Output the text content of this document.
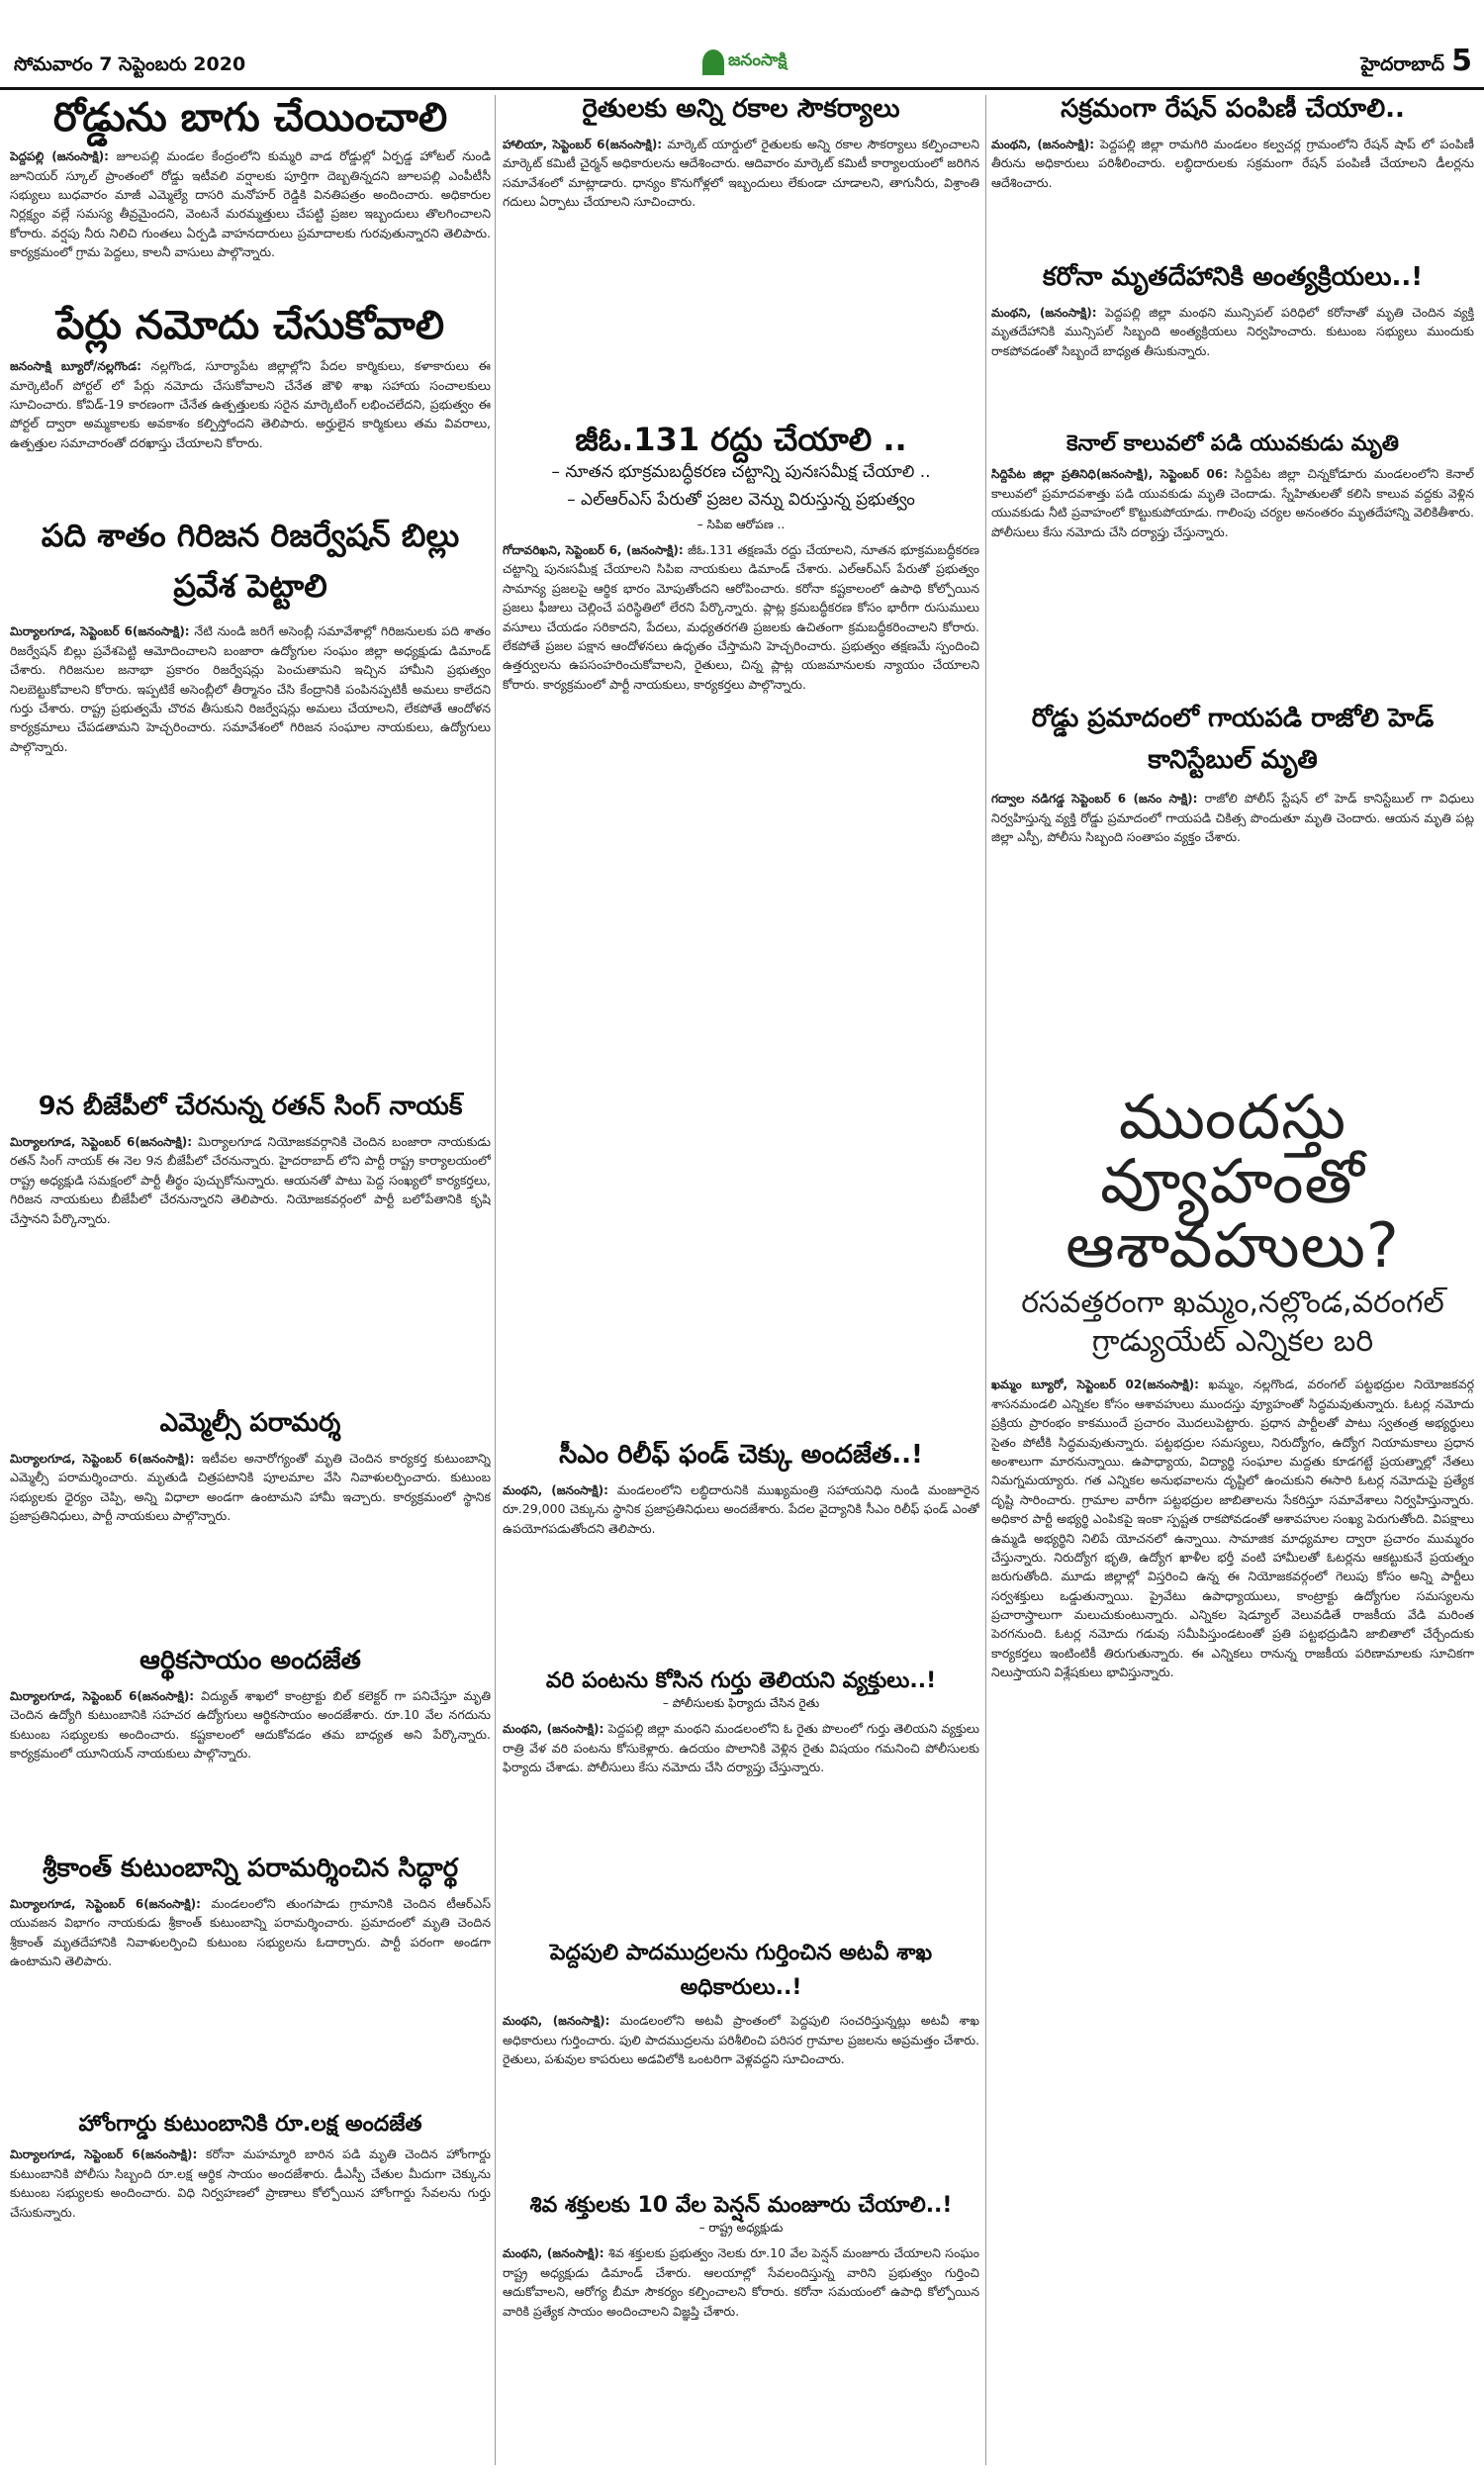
సోమవారం 7 సెప్టెంబరు 2020	జనంసాక్షి	హైదరాబాద్ 5
రోడ్డును బాగు చేయించాలి
పెద్దపల్లి (జనంసాక్షి): జూలపల్లి మండల కేంద్రంలోని కుమ్మరి వాడ రోడ్డుల్లో ఏర్పడ్డ హోటల్ నుండి జూనియర్ స్కూల్ ప్రాంతంలో రోడ్డు ఇటీవలి వర్షాలకు పూర్తిగా దెబ్బతిన్నదని జూలపల్లి ఎంపీటీసీ సభ్యులు బుధవారం మాజీ ఎమ్మెల్యే దాసరి మనోహర్ రెడ్డికి వినతిపత్రం అందించారు. అధికారుల నిర్లక్ష్యం వల్లే సమస్య తీవ్రమైందని, వెంటనే మరమ్మత్తులు చేపట్టి ప్రజల ఇబ్బందులు తొలగించాలని కోరారు. వర్షపు నీరు నిలిచి గుంతలు ఏర్పడి వాహనదారులు ప్రమాదాలకు గురవుతున్నారని తెలిపారు. కార్యక్రమంలో గ్రామ పెద్దలు, కాలనీ వాసులు పాల్గొన్నారు.
పేర్లు నమోదు చేసుకోవాలి
జనంసాక్షి బ్యూరో/నల్లగొండ: నల్లగొండ, సూర్యాపేట జిల్లాల్లోని పేదల కార్మికులు, కళాకారులు ఈ మార్కెటింగ్ పోర్టల్ లో పేర్లు నమోదు చేసుకోవాలని చేనేత జౌళి శాఖ సహాయ సంచాలకులు సూచించారు. కోవిడ్-19 కారణంగా చేనేత ఉత్పత్తులకు సరైన మార్కెటింగ్ లభించలేదని, ప్రభుత్వం ఈ పోర్టల్ ద్వారా అమ్మకాలకు అవకాశం కల్పిస్తోందని తెలిపారు. అర్హులైన కార్మికులు తమ వివరాలు, ఉత్పత్తుల సమాచారంతో దరఖాస్తు చేయాలని కోరారు.
పది శాతం గిరిజన రిజర్వేషన్ బిల్లు ప్రవేశ పెట్టాలి
మిర్యాలగూడ, సెప్టెంబర్ 6(జనంసాక్షి): నేటి నుండి జరిగే అసెంబ్లీ సమావేశాల్లో గిరిజనులకు పది శాతం రిజర్వేషన్ బిల్లు ప్రవేశపెట్టి ఆమోదించాలని బంజారా ఉద్యోగుల సంఘం జిల్లా అధ్యక్షుడు డిమాండ్ చేశారు. గిరిజనుల జనాభా ప్రకారం రిజర్వేషన్లు పెంచుతామని ఇచ్చిన హామీని ప్రభుత్వం నిలబెట్టుకోవాలని కోరారు. ఇప్పటికే అసెంబ్లీలో తీర్మానం చేసి కేంద్రానికి పంపినప్పటికీ అమలు కాలేదని గుర్తు చేశారు. రాష్ట్ర ప్రభుత్వమే చొరవ తీసుకుని రిజర్వేషన్లు అమలు చేయాలని, లేకపోతే ఆందోళన కార్యక్రమాలు చేపడతామని హెచ్చరించారు. సమావేశంలో గిరిజన సంఘాల నాయకులు, ఉద్యోగులు పాల్గొన్నారు.
9న బీజేపీలో చేరనున్న రతన్ సింగ్ నాయక్
మిర్యాలగూడ, సెప్టెంబర్ 6(జనంసాక్షి): మిర్యాలగూడ నియోజకవర్గానికి చెందిన బంజారా నాయకుడు రతన్ సింగ్ నాయక్ ఈ నెల 9న బీజేపీలో చేరనున్నారు. హైదరాబాద్ లోని పార్టీ రాష్ట్ర కార్యాలయంలో రాష్ట్ర అధ్యక్షుడి సమక్షంలో పార్టీ తీర్థం పుచ్చుకోనున్నారు. ఆయనతో పాటు పెద్ద సంఖ్యలో కార్యకర్తలు, గిరిజన నాయకులు బీజేపీలో చేరనున్నారని తెలిపారు. నియోజకవర్గంలో పార్టీ బలోపేతానికి కృషి చేస్తానని పేర్కొన్నారు.
ఎమ్మెల్సీ పరామర్శ
మిర్యాలగూడ, సెప్టెంబర్ 6(జనంసాక్షి): ఇటీవల అనారోగ్యంతో మృతి చెందిన కార్యకర్త కుటుంబాన్ని ఎమ్మెల్సీ పరామర్శించారు. మృతుడి చిత్రపటానికి పూలమాల వేసి నివాళులర్పించారు. కుటుంబ సభ్యులకు ధైర్యం చెప్పి, అన్ని విధాలా అండగా ఉంటామని హామీ ఇచ్చారు. కార్యక్రమంలో స్థానిక ప్రజాప్రతినిధులు, పార్టీ నాయకులు పాల్గొన్నారు.
ఆర్థికసాయం అందజేత
మిర్యాలగూడ, సెప్టెంబర్ 6(జనంసాక్షి): విద్యుత్ శాఖలో కాంట్రాక్టు బిల్ కలెక్టర్ గా పనిచేస్తూ మృతి చెందిన ఉద్యోగి కుటుంబానికి సహచర ఉద్యోగులు ఆర్థికసాయం అందజేశారు. రూ.10 వేల నగదును కుటుంబ సభ్యులకు అందించారు. కష్టకాలంలో ఆదుకోవడం తమ బాధ్యత అని పేర్కొన్నారు. కార్యక్రమంలో యూనియన్ నాయకులు పాల్గొన్నారు.
శ్రీకాంత్ కుటుంబాన్ని పరామర్శించిన సిద్ధార్థ
మిర్యాలగూడ, సెప్టెంబర్ 6(జనంసాక్షి): మండలంలోని తుంగపాడు గ్రామానికి చెందిన టీఆర్ఎస్ యువజన విభాగం నాయకుడు శ్రీకాంత్ కుటుంబాన్ని పరామర్శించారు. ప్రమాదంలో మృతి చెందిన శ్రీకాంత్ మృతదేహానికి నివాళులర్పించి కుటుంబ సభ్యులను ఓదార్చారు. పార్టీ పరంగా అండగా ఉంటామని తెలిపారు.
హోంగార్డు కుటుంబానికి రూ.లక్ష అందజేత
మిర్యాలగూడ, సెప్టెంబర్ 6(జనంసాక్షి): కరోనా మహమ్మారి బారిన పడి మృతి చెందిన హోంగార్డు కుటుంబానికి పోలీసు సిబ్బంది రూ.లక్ష ఆర్థిక సాయం అందజేశారు. డీఎస్పీ చేతుల మీదుగా చెక్కును కుటుంబ సభ్యులకు అందించారు. విధి నిర్వహణలో ప్రాణాలు కోల్పోయిన హోంగార్డు సేవలను గుర్తు చేసుకున్నారు.
రైతులకు అన్ని రకాల సౌకర్యాలు
హాలియా, సెప్టెంబర్ 6(జనంసాక్షి): మార్కెట్ యార్డులో రైతులకు అన్ని రకాల సౌకర్యాలు కల్పించాలని మార్కెట్ కమిటీ చైర్మన్ అధికారులను ఆదేశించారు. ఆదివారం మార్కెట్ కమిటీ కార్యాలయంలో జరిగిన సమావేశంలో మాట్లాడారు. ధాన్యం కొనుగోళ్లలో ఇబ్బందులు లేకుండా చూడాలని, తాగునీరు, విశ్రాంతి గదులు ఏర్పాటు చేయాలని సూచించారు.
జీఓ.131 రద్దు చేయాలి ..
– నూతన భూక్రమబద్ధీకరణ చట్టాన్ని పునఃసమీక్ష చేయాలి ..
– ఎల్ఆర్ఎస్ పేరుతో ప్రజల వెన్ను విరుస్తున్న ప్రభుత్వం
– సిపిఐ ఆరోపణ ..
గోదావరిఖని, సెప్టెంబర్ 6, (జనంసాక్షి): జీఓ.131 తక్షణమే రద్దు చేయాలని, నూతన భూక్రమబద్ధీకరణ చట్టాన్ని పునఃసమీక్ష చేయాలని సిపిఐ నాయకులు డిమాండ్ చేశారు. ఎల్ఆర్ఎస్ పేరుతో ప్రభుత్వం సామాన్య ప్రజలపై ఆర్థిక భారం మోపుతోందని ఆరోపించారు. కరోనా కష్టకాలంలో ఉపాధి కోల్పోయిన ప్రజలు ఫీజులు చెల్లించే పరిస్థితిలో లేరని పేర్కొన్నారు. ప్లాట్ల క్రమబద్ధీకరణ కోసం భారీగా రుసుములు వసూలు చేయడం సరికాదని, పేదలు, మధ్యతరగతి ప్రజలకు ఉచితంగా క్రమబద్ధీకరించాలని కోరారు. లేకపోతే ప్రజల పక్షాన ఆందోళనలు ఉధృతం చేస్తామని హెచ్చరించారు. ప్రభుత్వం తక్షణమే స్పందించి ఉత్తర్వులను ఉపసంహరించుకోవాలని, రైతులు, చిన్న ప్లాట్ల యజమానులకు న్యాయం చేయాలని కోరారు. కార్యక్రమంలో పార్టీ నాయకులు, కార్యకర్తలు పాల్గొన్నారు.
సీఎం రిలీఫ్ ఫండ్ చెక్కు అందజేత..!
మంథని, (జనంసాక్షి): మండలంలోని లబ్ధిదారునికి ముఖ్యమంత్రి సహాయనిధి నుండి మంజూరైన రూ.29,000 చెక్కును స్థానిక ప్రజాప్రతినిధులు అందజేశారు. పేదల వైద్యానికి సీఎం రిలీఫ్ ఫండ్ ఎంతో ఉపయోగపడుతోందని తెలిపారు.
వరి పంటను కోసిన గుర్తు తెలియని వ్యక్తులు..!
– పోలీసులకు ఫిర్యాదు చేసిన రైతు
మంథని, (జనంసాక్షి): పెద్దపల్లి జిల్లా మంథని మండలంలోని ఓ రైతు పొలంలో గుర్తు తెలియని వ్యక్తులు రాత్రి వేళ వరి పంటను కోసుకెళ్లారు. ఉదయం పొలానికి వెళ్లిన రైతు విషయం గమనించి పోలీసులకు ఫిర్యాదు చేశాడు. పోలీసులు కేసు నమోదు చేసి దర్యాప్తు చేస్తున్నారు.
పెద్దపులి పాదముద్రలను గుర్తించిన అటవీ శాఖ అధికారులు..!
మంథని, (జనంసాక్షి): మండలంలోని అటవీ ప్రాంతంలో పెద్దపులి సంచరిస్తున్నట్లు అటవీ శాఖ అధికారులు గుర్తించారు. పులి పాదముద్రలను పరిశీలించి పరిసర గ్రామాల ప్రజలను అప్రమత్తం చేశారు. రైతులు, పశువుల కాపరులు అడవిలోకి ఒంటరిగా వెళ్లవద్దని సూచించారు.
శివ శక్తులకు 10 వేల పెన్షన్ మంజూరు చేయాలి..!
– రాష్ట్ర అధ్యక్షుడు
మంథని, (జనంసాక్షి): శివ శక్తులకు ప్రభుత్వం నెలకు రూ.10 వేల పెన్షన్ మంజూరు చేయాలని సంఘం రాష్ట్ర అధ్యక్షుడు డిమాండ్ చేశారు. ఆలయాల్లో సేవలందిస్తున్న వారిని ప్రభుత్వం గుర్తించి ఆదుకోవాలని, ఆరోగ్య బీమా సౌకర్యం కల్పించాలని కోరారు. కరోనా సమయంలో ఉపాధి కోల్పోయిన వారికి ప్రత్యేక సాయం అందించాలని విజ్ఞప్తి చేశారు.
సక్రమంగా రేషన్ పంపిణీ చేయాలి..
మంథని, (జనంసాక్షి): పెద్దపల్లి జిల్లా రామగిరి మండలం కల్వచర్ల గ్రామంలోని రేషన్ షాప్ లో పంపిణీ తీరును అధికారులు పరిశీలించారు. లబ్ధిదారులకు సక్రమంగా రేషన్ పంపిణీ చేయాలని డీలర్లను ఆదేశించారు.
కరోనా మృతదేహానికి అంత్యక్రియలు..!
మంథని, (జనంసాక్షి): పెద్దపల్లి జిల్లా మంథని మున్సిపల్ పరిధిలో కరోనాతో మృతి చెందిన వ్యక్తి మృతదేహానికి మున్సిపల్ సిబ్బంది అంత్యక్రియలు నిర్వహించారు. కుటుంబ సభ్యులు ముందుకు రాకపోవడంతో సిబ్బందే బాధ్యత తీసుకున్నారు.
కెనాల్ కాలువలో పడి యువకుడు మృతి
సిద్దిపేట జిల్లా ప్రతినిధి(జనంసాక్షి), సెప్టెంబర్ 06: సిద్దిపేట జిల్లా చిన్నకోడూరు మండలంలోని కెనాల్ కాలువలో ప్రమాదవశాత్తు పడి యువకుడు మృతి చెందాడు. స్నేహితులతో కలిసి కాలువ వద్దకు వెళ్లిన యువకుడు నీటి ప్రవాహంలో కొట్టుకుపోయాడు. గాలింపు చర్యల అనంతరం మృతదేహాన్ని వెలికితీశారు. పోలీసులు కేసు నమోదు చేసి దర్యాప్తు చేస్తున్నారు.
రోడ్డు ప్రమాదంలో గాయపడి రాజోలి హెడ్ కానిస్టేబుల్ మృతి
గద్వాల నడిగడ్డ సెప్టెంబర్ 6 (జనం సాక్షి): రాజోలి పోలీస్ స్టేషన్ లో హెడ్ కానిస్టేబుల్ గా విధులు నిర్వహిస్తున్న వ్యక్తి రోడ్డు ప్రమాదంలో గాయపడి చికిత్స పొందుతూ మృతి చెందారు. ఆయన మృతి పట్ల జిల్లా ఎస్పీ, పోలీసు సిబ్బంది సంతాపం వ్యక్తం చేశారు.
ముందస్తు వ్యూహంతో ఆశావహులు?
రసవత్తరంగా ఖమ్మం,నల్లొండ,వరంగల్ గ్రాడ్యుయేట్ ఎన్నికల బరి
ఖమ్మం బ్యూరో, సెప్టెంబర్ 02(జనంసాక్షి): ఖమ్మం, నల్లగొండ, వరంగల్ పట్టభద్రుల నియోజకవర్గ శాసనమండలి ఎన్నికల కోసం ఆశావహులు ముందస్తు వ్యూహంతో సిద్ధమవుతున్నారు. ఓటర్ల నమోదు ప్రక్రియ ప్రారంభం కాకముందే ప్రచారం మొదలుపెట్టారు. ప్రధాన పార్టీలతో పాటు స్వతంత్ర అభ్యర్థులు సైతం పోటీకి సిద్ధమవుతున్నారు. పట్టభద్రుల సమస్యలు, నిరుద్యోగం, ఉద్యోగ నియామకాలు ప్రధాన అంశాలుగా మారనున్నాయి. ఉపాధ్యాయ, విద్యార్థి సంఘాల మద్దతు కూడగట్టే ప్రయత్నాల్లో నేతలు నిమగ్నమయ్యారు. గత ఎన్నికల అనుభవాలను దృష్టిలో ఉంచుకుని ఈసారి ఓటర్ల నమోదుపై ప్రత్యేక దృష్టి సారించారు. గ్రామాల వారీగా పట్టభద్రుల జాబితాలను సేకరిస్తూ సమావేశాలు నిర్వహిస్తున్నారు. అధికార పార్టీ అభ్యర్థి ఎంపికపై ఇంకా స్పష్టత రాకపోవడంతో ఆశావహుల సంఖ్య పెరుగుతోంది. విపక్షాలు ఉమ్మడి అభ్యర్థిని నిలిపే యోచనలో ఉన్నాయి. సామాజిక మాధ్యమాల ద్వారా ప్రచారం ముమ్మరం చేస్తున్నారు. నిరుద్యోగ భృతి, ఉద్యోగ ఖాళీల భర్తీ వంటి హామీలతో ఓటర్లను ఆకట్టుకునే ప్రయత్నం జరుగుతోంది. మూడు జిల్లాల్లో విస్తరించి ఉన్న ఈ నియోజకవర్గంలో గెలుపు కోసం అన్ని పార్టీలు సర్వశక్తులు ఒడ్డుతున్నాయి. ప్రైవేటు ఉపాధ్యాయులు, కాంట్రాక్టు ఉద్యోగుల సమస్యలను ప్రచారాస్త్రాలుగా మలుచుకుంటున్నారు. ఎన్నికల షెడ్యూల్ వెలువడితే రాజకీయ వేడి మరింత పెరగనుంది. ఓటర్ల నమోదు గడువు సమీపిస్తుండటంతో ప్రతి పట్టభద్రుడిని జాబితాలో చేర్చేందుకు కార్యకర్తలు ఇంటింటికీ తిరుగుతున్నారు. ఈ ఎన్నికలు రానున్న రాజకీయ పరిణామాలకు సూచికగా నిలుస్తాయని విశ్లేషకులు భావిస్తున్నారు.
